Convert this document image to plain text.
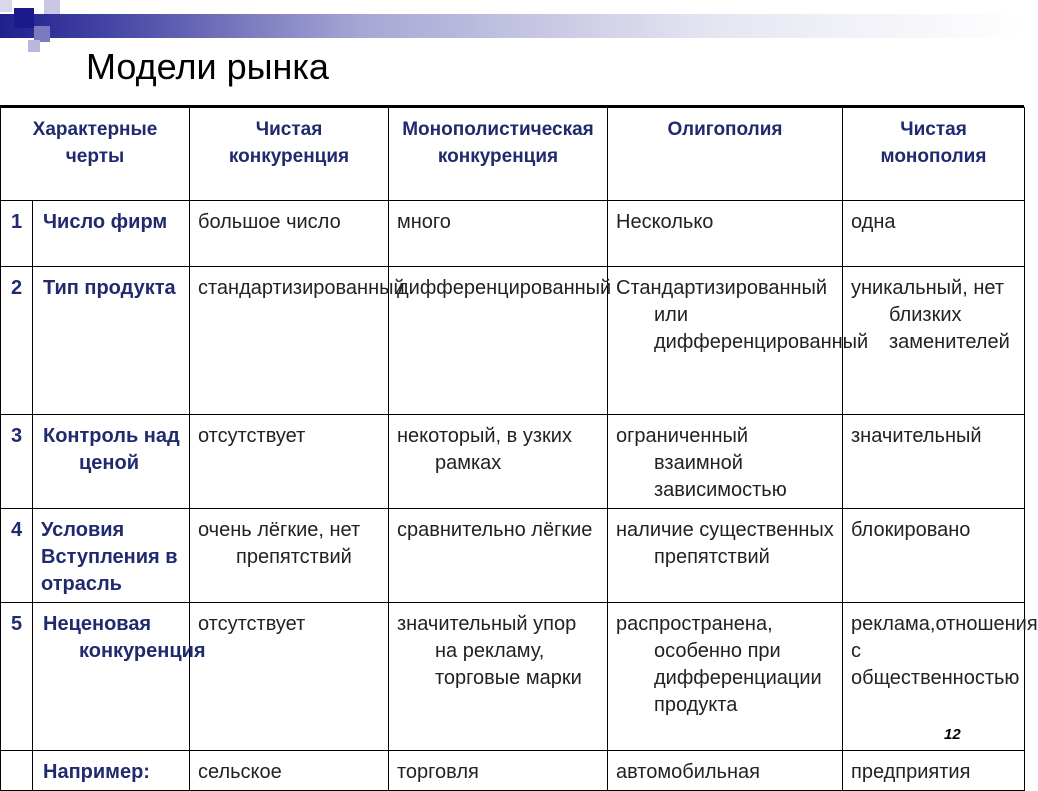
Модели рынка
Характерные черты		Чистая конкуренция	Монополистическая конкуренция	Олигополия	Чистая монополия
1	Число фирм	большое число	много	Несколько	одна
2	Тип продукта	стандартизированный	дифференцированный	Стандартизированный или дифференцированный	уникальный, нет близких заменителей
3	Контроль над ценой	отсутствует	некоторый, в узких рамках	ограниченный взаимной зависимостью	значительный
4	Условия Вступления в отрасль	очень лёгкие, нет препятствий	сравнительно лёгкие	наличие существенных препятствий	блокировано
5	Неценовая конкуренция	отсутствует	значительный упор на рекламу, торговые марки	распространена, особенно при дифференциации продукта	реклама,отношения с общественностью
	Например:	сельское	торговля	автомобильная	предприятия
12
